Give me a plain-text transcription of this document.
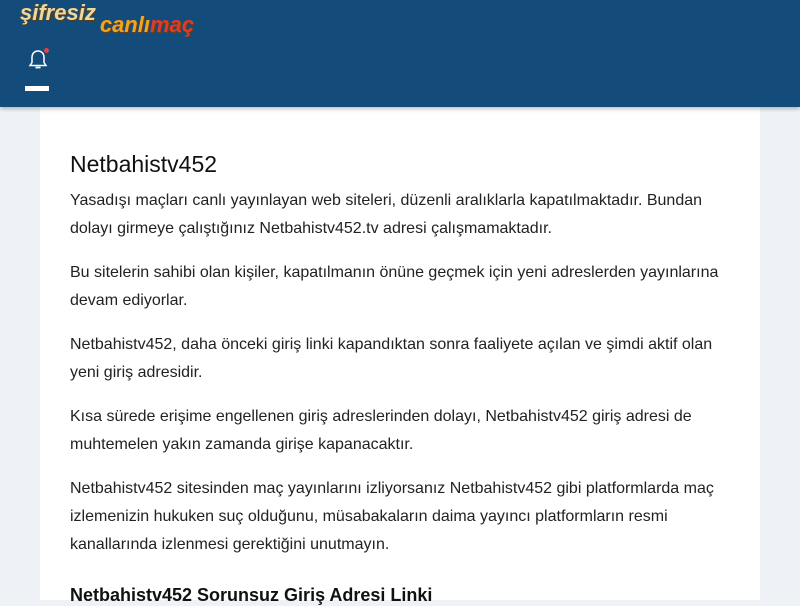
şifresiz canlımaç
Netbahistv452

Yasadışı maçları canlı yayınlayan web siteleri, düzenli aralıklarla kapatılmaktadır. Bundan dolayı girmeye çalıştığınız Netbahistv452.tv adresi çalışmamaktadır.

Bu sitelerin sahibi olan kişiler, kapatılmanın önüne geçmek için yeni adreslerden yayınlarına devam ediyorlar.

Netbahistv452, daha önceki giriş linki kapandıktan sonra faaliyete açılan ve şimdi aktif olan yeni giriş adresidir.

Kısa sürede erişime engellenen giriş adreslerinden dolayı, Netbahistv452 giriş adresi de muhtemelen yakın zamanda girişe kapanacaktır.

Netbahistv452 sitesinden maç yayınlarını izliyorsanız Netbahistv452 gibi platformlarda maç izlemenizin hukuken suç olduğunu, müsabakaların daima yayıncı platformların resmi kanallarında izlenmesi gerektiğini unutmayın.

Netbahistv452 Sorunsuz Giriş Adresi Linki
